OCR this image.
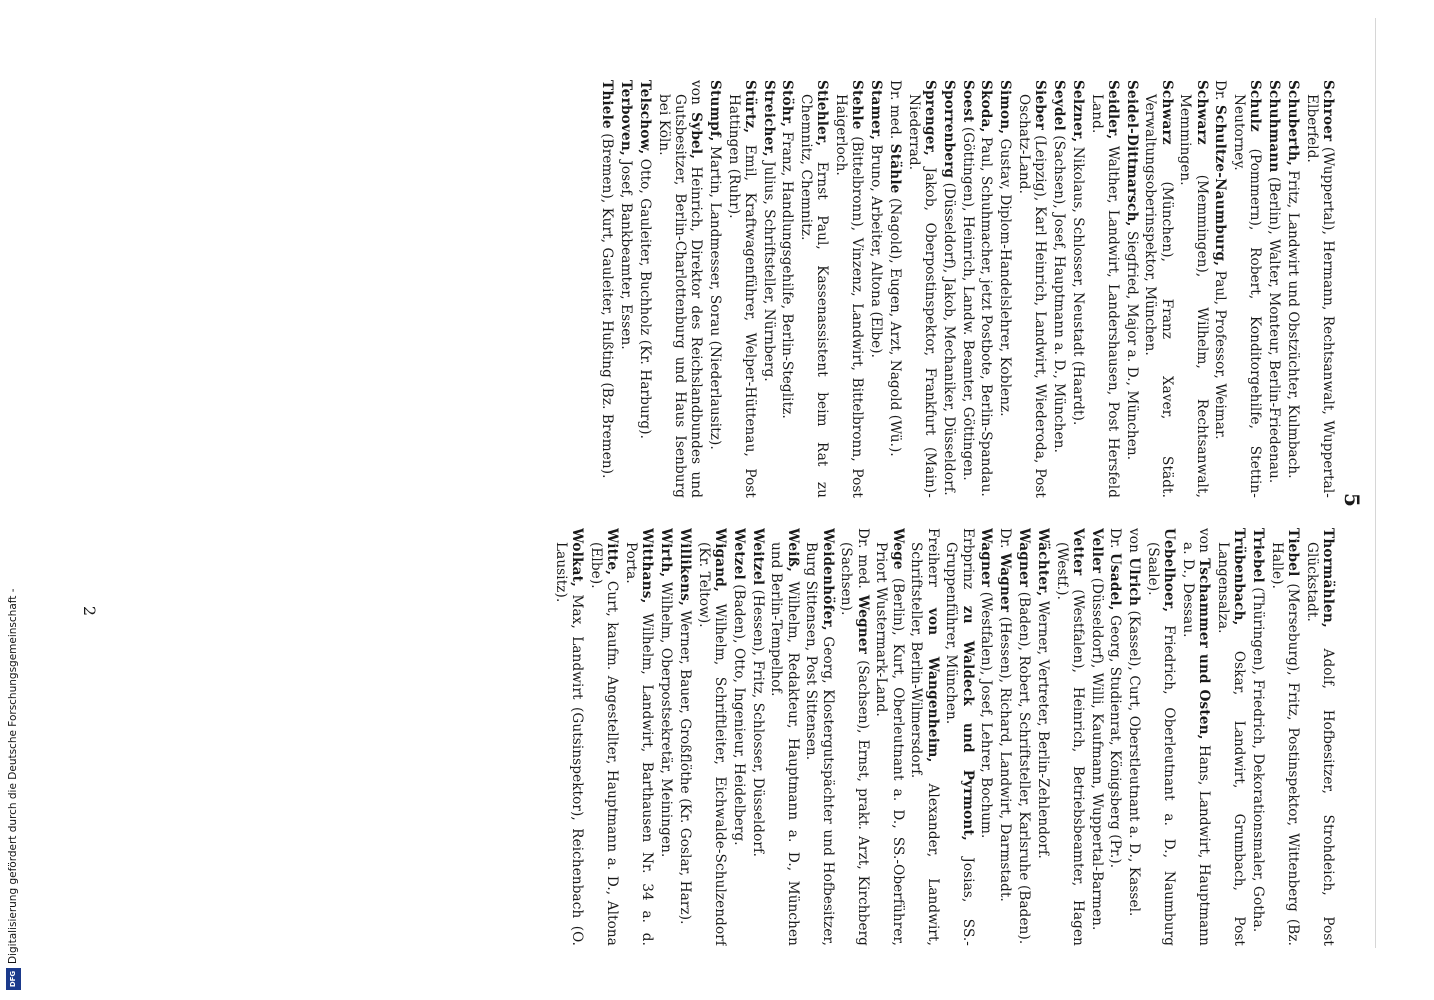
5

Schroer (Wuppertal), Hermann, Rechtsanwalt, Wuppertal-Elberfeld.

Schuberth, Fritz, Landwirt und Obstzüchter, Kulmbach.

Schuhmann (Berlin), Walter, Monteur, Berlin-Friedenau.

Schulz (Pommern), Robert, Konditorgehilfe, Stettin-Neutorney.

Dr. Schultze-Naumburg, Paul, Professor, Weimar.

Schwarz (Memmingen), Wilhelm, Rechtsanwalt, Memmingen.

Schwarz (München), Franz Xaver, Städt. Verwaltungsoberinspektor, München.

Seidel-Dittmarsch, Siegfried, Major a. D., München.

Seidler, Walther, Landwirt, Landershausen, Post Hersfeld Land.

Selzner, Nikolaus, Schlosser, Neustadt (Haardt).

Seydel (Sachsen), Josef, Hauptmann a. D., München.

Sieber (Leipzig), Karl Heinrich, Landwirt, Wiederoda, Post Oschatz-Land.

Simon, Gustav, Diplom-Handelslehrer, Koblenz.

Skoda, Paul, Schuhmacher, jetzt Postbote, Berlin-Spandau.

Soest (Göttingen), Heinrich, Landw. Beamter, Göttingen.

Sporrenberg (Düsseldorf), Jakob, Mechaniker, Düsseldorf.

Sprenger, Jakob, Oberpostinspektor, Frankfurt (Main)-Niederrad.

Dr. med. Stähle (Nagold), Eugen, Arzt, Nagold (Wü.).

Stamer, Bruno, Arbeiter, Altona (Elbe).

Stehle (Bittelbronn), Vinzenz, Landwirt, Bittelbronn, Post Haigerloch.

Stiehler, Ernst Paul, Kassenassistent beim Rat zu Chemnitz, Chemnitz.

Stöhr, Franz, Handlungsgehilfe, Berlin-Steglitz.

Streicher, Julius, Schriftsteller, Nürnberg.

Stürtz, Emil, Kraftwagenführer, Welper-Hüttenau, Post Hattingen (Ruhr).

Stumpf, Martin, Landmesser, Sorau (Niederlausitz).

von Sybel, Heinrich, Direktor des Reichslandbundes und Gutsbesitzer, Berlin-Charlottenburg und Haus Isenburg bei Köln.

Telschow, Otto, Gauleiter, Buchholz (Kr. Harburg).

Terboven, Josef, Bankbeamter, Essen.

Thiele (Bremen), Kurt, Gauleiter, Hußting (Bz. Bremen).

Thormählen, Adolf, Hofbesitzer, Strohdeich, Post Glückstadt.

Tiebel (Merseburg), Fritz, Postinspektor, Wittenberg (Bz. Halle).

Triebel (Thüringen), Friedrich, Dekorationsmaler, Gotha.

Trübenbach, Oskar, Landwirt, Grumbach, Post Langensalza.

von Tschammer und Osten, Hans, Landwirt, Hauptmann a. D., Dessau.

Uebelhoer, Friedrich, Oberleutnant a. D., Naumburg (Saale).

von Ulrich (Kassel), Curt, Oberstleutnant a. D., Kassel.

Dr. Usadel, Georg, Studienrat, Königsberg (Pr.).

Veller (Düsseldorf), Willi, Kaufmann, Wuppertal-Barmen.

Vetter (Westfalen), Heinrich, Betriebsbeamter, Hagen (Westf.).

Wächter, Werner, Vertreter, Berlin-Zehlendorf.

Wagner (Baden), Robert, Schriftsteller, Karlsruhe (Baden).

Dr. Wagner (Hessen), Richard, Landwirt, Darmstadt.

Wagner (Westfalen), Josef, Lehrer, Bochum.

Erbprinz zu Waldeck und Pyrmont, Josias, SS.-Gruppenführer, München.

Freiherr von Wangenheim, Alexander, Landwirt, Schriftsteller, Berlin-Wilmersdorf.

Wege (Berlin), Kurt, Oberleutnant a. D., SS.-Oberführer, Priort Wustermark-Land.

Dr. med. Wegner (Sachsen), Ernst, prakt. Arzt, Kirchberg (Sachsen).

Weidenhöfer, Georg, Klostergutspächter und Hofbesitzer, Burg Sittensen, Post Sittensen.

Weiß, Wilhelm, Redakteur, Hauptmann a. D., München und Berlin-Tempelhof.

Weitzel (Hessen), Fritz, Schlosser, Düsseldorf.

Wetzel (Baden), Otto, Ingenieur, Heidelberg.

Wigand, Wilhelm, Schriftleiter, Eichwalde-Schulzendorf (Kr. Teltow).

Willikens, Werner, Bauer, Großflöthe (Kr. Goslar, Harz).

Wirth, Wilhelm, Oberpostsekretär, Meiningen.

Witthans, Wilhelm, Landwirt, Barthausen Nr. 34 a. d. Porta.

Witte, Curt, kaufm. Angestellter, Hauptmann a. D., Altona (Elbe).

Wolkat, Max, Landwirt (Gutsinspektor), Reichenbach (O. Lausitz).

2
DFG
Digitalisierung gefördert durch die Deutsche Forschungsgemeinschaft -
